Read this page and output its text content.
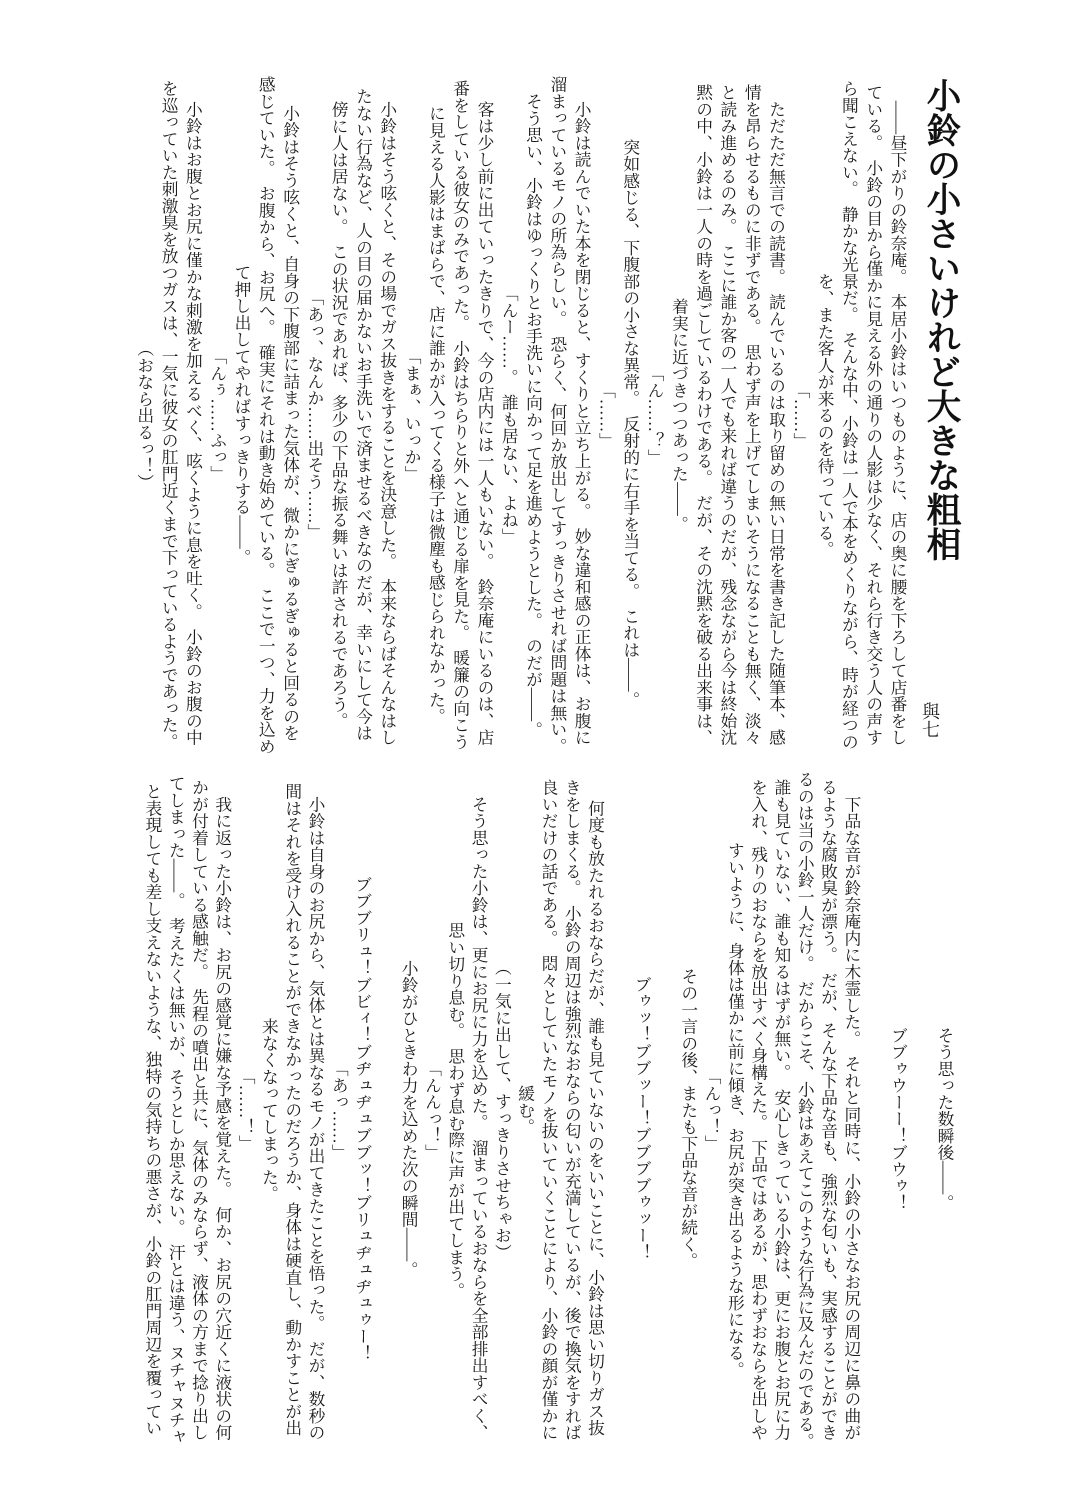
小鈴の小さいけれど大きな粗相
與七
　——昼下がりの鈴奈庵。　本居小鈴はいつものように、店の奥に腰を下ろして店番をし
ている。　小鈴の目から僅かに見える外の通りの人影は少なく、それら行き交う人の声す
ら聞こえない。　静かな光景だ。　そんな中、小鈴は一人で本をめくりながら、時が経つの
を、また客人が来るのを待っている。
「……」
　ただただ無言での読書。　読んでいるのは取り留めの無い日常を書き記した随筆本、感
情を昂らせるものに非ずである。　思わず声を上げてしまいそうになることも無く、淡々
と読み進めるのみ。　ここに誰か客の一人でも来れば違うのだが、残念ながら今は終始沈
黙の中、小鈴は一人の時を過ごしているわけである。　だが、その沈黙を破る出来事は、
着実に近づきつつあった——。
「ん……？」
　突如感じる、下腹部の小さな異常。　反射的に右手を当てる。　これは——。
「……」
　小鈴は読んでいた本を閉じると、すくりと立ち上がる。　妙な違和感の正体は、お腹に
溜まっているモノの所為らしい。　恐らく、何回か放出してすっきりさせれば問題は無い。
そう思い、小鈴はゆっくりとお手洗いに向かって足を進めようとした。　のだが——。
「んー……。　誰も居ない、よね」
　客は少し前に出ていったきりで、今の店内には一人もいない。　鈴奈庵にいるのは、店
番をしている彼女のみであった。　小鈴はちらりと外へと通じる扉を見た。　暖簾の向こう
に見える人影はまばらで、店に誰かが入ってくる様子は微塵も感じられなかった。
「まぁ、いっか」
　小鈴はそう呟くと、その場でガス抜きをすることを決意した。　本来ならばそんなはし
たない行為など、人の目の届かないお手洗いで済ませるべきなのだが、幸いにして今は
傍に人は居ない。　この状況であれば、多少の下品な振る舞いは許されるであろう。
「あっ、なんか……出そう……」
　小鈴はそう呟くと、自身の下腹部に詰まった気体が、微かにぎゅるぎゅると回るのを
感じていた。　お腹から、お尻へ。　確実にそれは動き始めている。　ここで一つ、力を込め
て押し出してやればすっきりする——。
「んぅ……ふっ」
　小鈴はお腹とお尻に僅かな刺激を加えるべく、呟くように息を吐く。　小鈴のお腹の中
を巡っていた刺激臭を放つガスは、一気に彼女の肛門近くまで下っているようであった。
（おなら出るっ！）
　そう思った数瞬後——。
　ブブゥウーー！ブウゥ！
　下品な音が鈴奈庵内に木霊した。　それと同時に、小鈴の小さなお尻の周辺に鼻の曲が
るような腐敗臭が漂う。　だが、そんな下品な音も、強烈な匂いも、実感することができ
るのは当の小鈴一人だけ。　だからこそ、小鈴はあえてこのような行為に及んだのである。
誰も見ていない、誰も知るはずが無い。　安心しきっている小鈴は、更にお腹とお尻に力
を入れ、残りのおならを放出すべく身構えた。　下品ではあるが、思わずおならを出しや
すいように、身体は僅かに前に傾き、お尻が突き出るような形になる。
「んっ！」
　その一言の後、またも下品な音が続く。
　ブゥッ！ブブッー！ブブブブゥッー！
　何度も放たれるおならだが、誰も見ていないのをいいことに、小鈴は思い切りガス抜
きをしまくる。　小鈴の周辺は強烈なおならの匂いが充満しているが、後で換気をすれば
良いだけの話である。　悶々としていたモノを抜いていくことにより、小鈴の顔が僅かに
緩む。
（一気に出して、すっきりさせちゃお）
　そう思った小鈴は、更にお尻に力を込めた。　溜まっているおならを全部排出すべく、
思い切り息む。　思わず息む際に声が出てしまう。
「んんっ！」
　小鈴がひときわ力を込めた次の瞬間——。
　ブブブリュ！ブビィ！ブヂュヂュブブッ！ブリュヂュヂュゥー！
「あっ……」
　小鈴は自身のお尻から、気体とは異なるモノが出てきたことを悟った。　だが、数秒の
間はそれを受け入れることができなかったのだろうか、身体は硬直し、動かすことが出
来なくなってしまった。
「……！」
　我に返った小鈴は、お尻の感覚に嫌な予感を覚えた。　何か、お尻の穴近くに液状の何
かが付着している感触だ。　先程の噴出と共に、気体のみならず、液体の方まで捻り出し
てしまった——。　考えたくは無いが、そうとしか思えない。　汗とは違う、ヌチャヌチャ
と表現しても差し支えないような、独特の気持ちの悪さが、小鈴の肛門周辺を覆ってい
